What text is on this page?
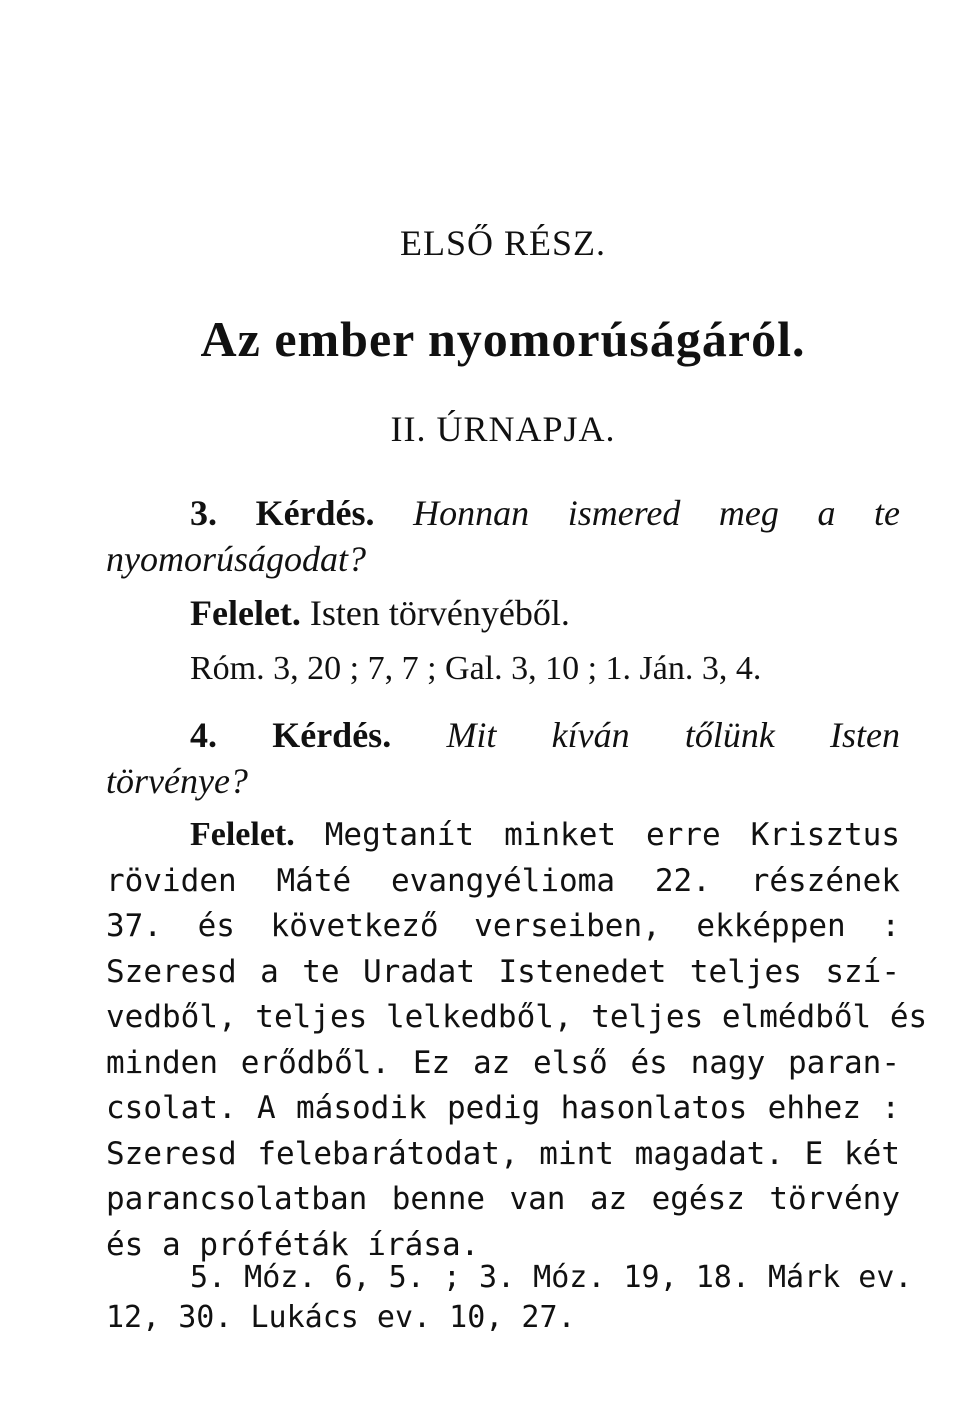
ELSŐ RÉSZ.
Az ember nyomorúságáról.
II. ÚRNAPJA.
3. Kérdés. Honnan ismered meg a te
nyomorúságodat?
Felelet. Isten törvényéből.
Róm. 3, 20 ; 7, 7 ; Gal. 3, 10 ; 1. Ján. 3, 4.
4. Kérdés. Mit kíván tőlünk Isten
törvénye?
Felelet. Megtanít minket erre Krisztus
röviden Máté evangyélioma 22. részének
37. és következő verseiben, ekképpen :
Szeresd a te Uradat Istenedet teljes szí-
vedből, teljes lelkedből, teljes elmédből és
minden erődből. Ez az első és nagy paran-
csolat. A második pedig hasonlatos ehhez :
Szeresd felebarátodat, mint magadat. E két
parancsolatban benne van az egész törvény
és a próféták írása.
5. Móz. 6, 5. ; 3. Móz. 19, 18. Márk ev.
12, 30. Lukács ev. 10, 27.
